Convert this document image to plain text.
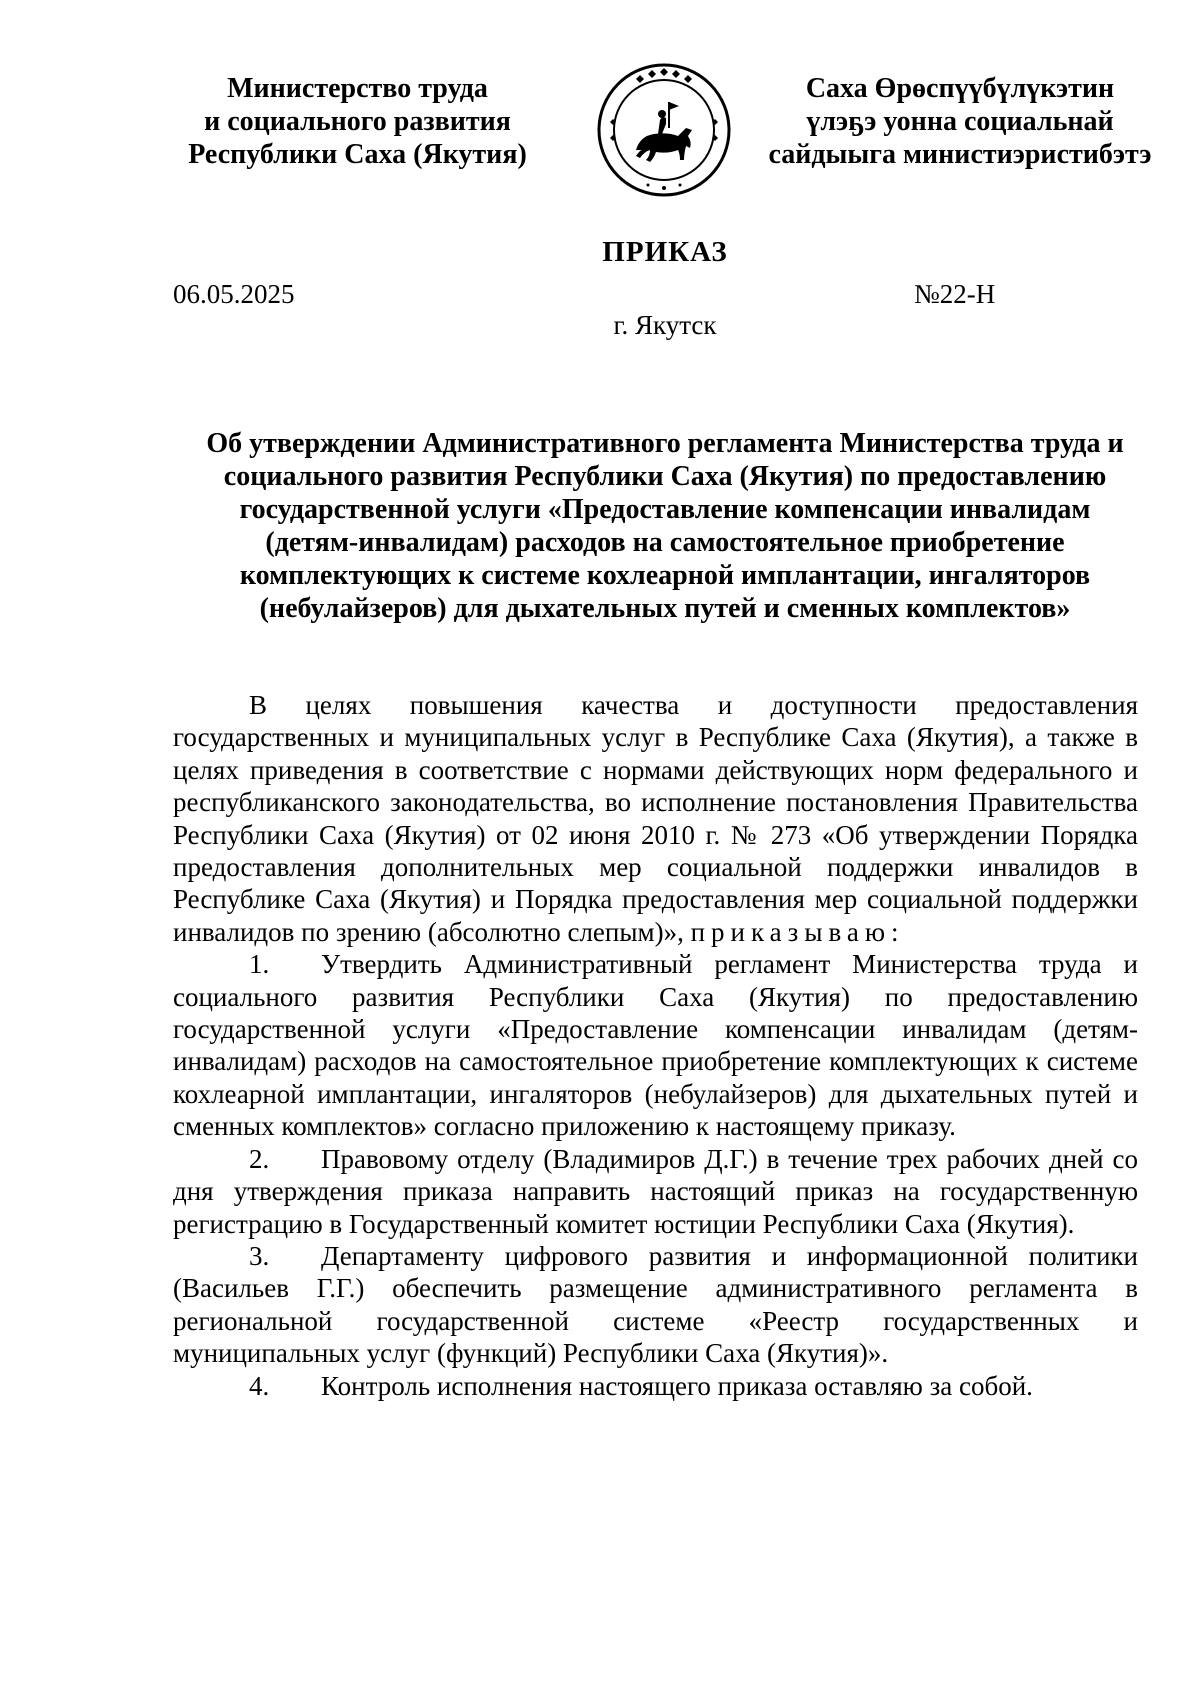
Министерство труда
и социального развития
Республики Саха (Якутия)
Саха Өрөспүүбүлүкэтин
үлэҕэ уонна социальнай
сайдыыга министиэристибэтэ
ПРИКАЗ
06.05.2025	№22-Н
г. Якутск
Об утверждении Административного регламента Министерства труда и
социального развития Республики Саха (Якутия) по предоставлению
государственной услуги «Предоставление компенсации инвалидам
(детям-инвалидам) расходов на самостоятельное приобретение
комплектующих к системе кохлеарной имплантации, ингаляторов
(небулайзеров) для дыхательных путей и сменных комплектов»

В целях повышения качества и доступности предоставления государственных и муниципальных услуг в Республике Саха (Якутия), а также в целях приведения в соответствие с нормами действующих норм федерального и республиканского законодательства, во исполнение постановления Правительства Республики Саха (Якутия) от 02 июня 2010 г. № 273 «Об утверждении Порядка предоставления дополнительных мер социальной поддержки инвалидов в Республике Саха (Якутия) и Порядка предоставления мер социальной поддержки инвалидов по зрению (абсолютно слепым)», приказываю:

1. Утвердить Административный регламент Министерства труда и социального развития Республики Саха (Якутия) по предоставлению государственной услуги «Предоставление компенсации инвалидам (детям-инвалидам) расходов на самостоятельное приобретение комплектующих к системе кохлеарной имплантации, ингаляторов (небулайзеров) для дыхательных путей и сменных комплектов» согласно приложению к настоящему приказу.

2. Правовому отделу (Владимиров Д.Г.) в течение трех рабочих дней со дня утверждения приказа направить настоящий приказ на государственную регистрацию в Государственный комитет юстиции Республики Саха (Якутия).

3. Департаменту цифрового развития и информационной политики (Васильев Г.Г.) обеспечить размещение административного регламента в региональной государственной системе «Реестр государственных и муниципальных услуг (функций) Республики Саха (Якутия)».

4. Контроль исполнения настоящего приказа оставляю за собой.
